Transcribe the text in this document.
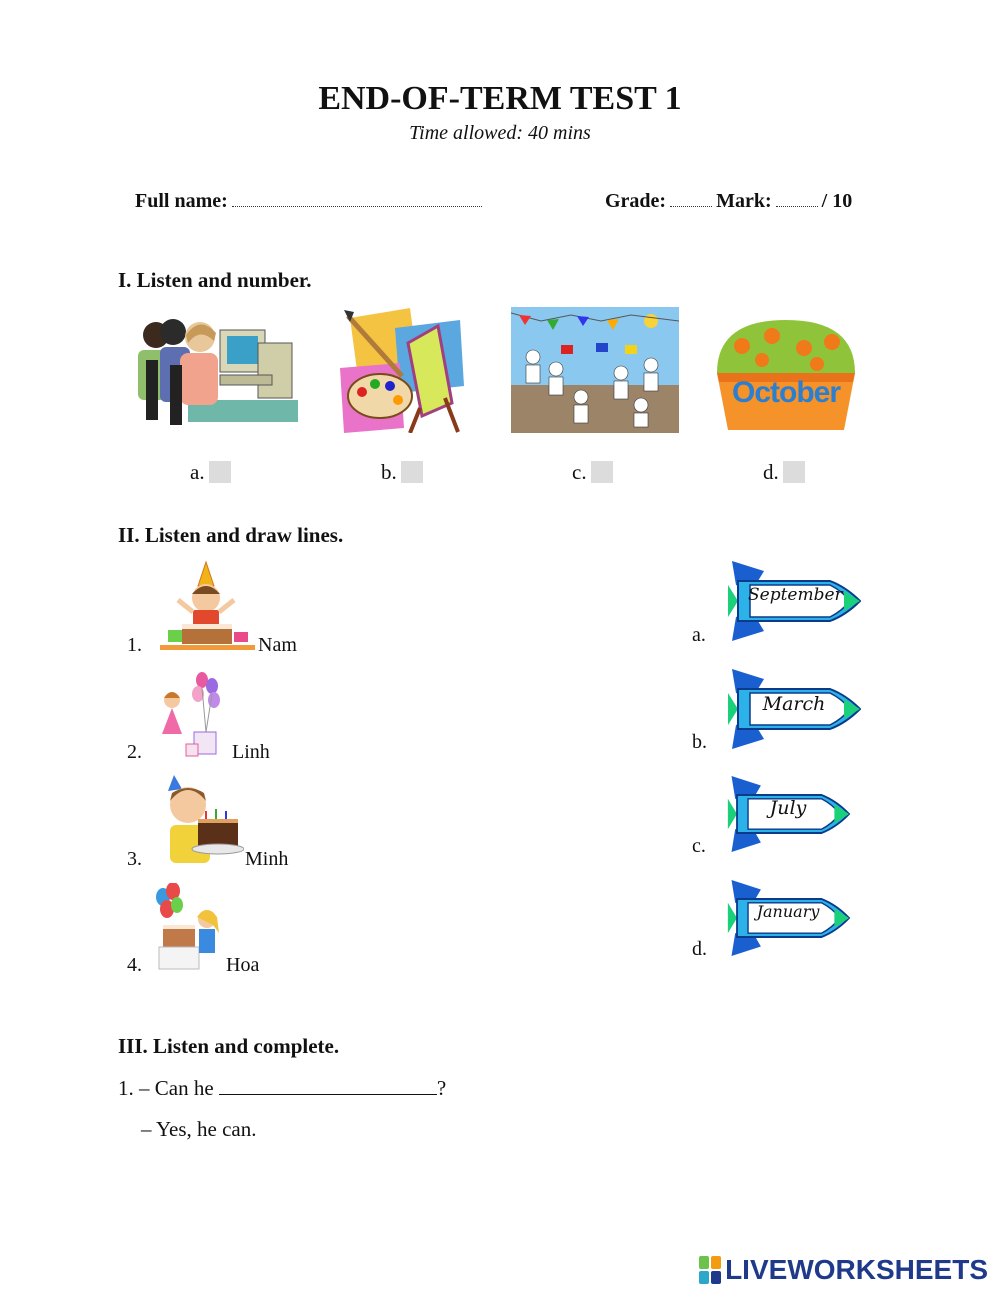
END-OF-TERM TEST 1
Time allowed: 40 mins
Full name:	Grade:	Mark:	/ 10
I. Listen and number.
October
a.	b.	c.	d.
II. Listen and draw lines.
1.	Nam
2.	Linh
3.	Minh
4.	Hoa
a.
September
b.
March
c.
July
d.
January
III. Listen and complete.
1. – Can he	?
– Yes, he can.
LIVEWORKSHEETS
